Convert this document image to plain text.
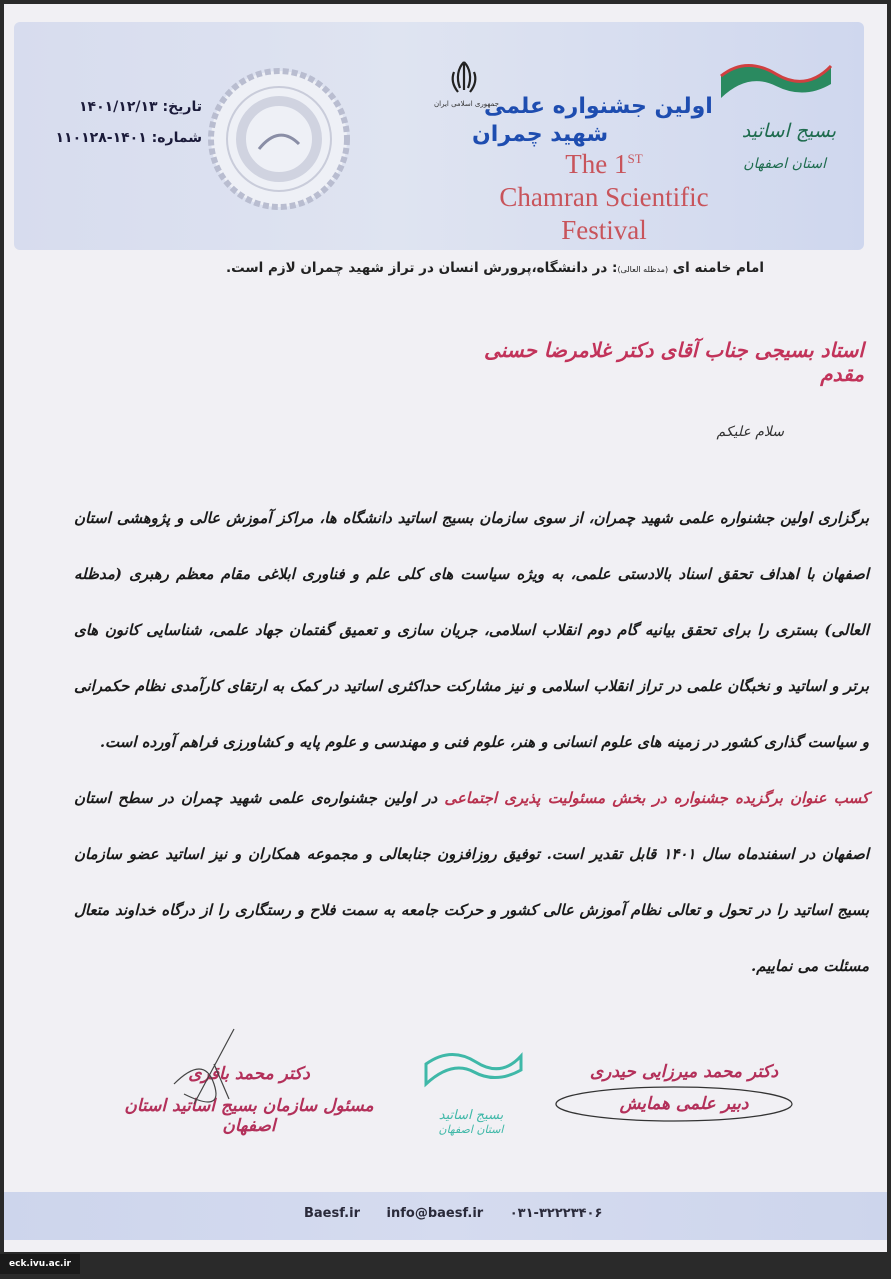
بسیج اساتید
استان اصفهان
جمهوری اسلامی ایران
اولین جشنواره علمی
شهید چمران
The 1ST
Chamran Scientific
Festival
تاریخ: ۱۴۰۱/۱۲/۱۳
شماره: ۱۴۰۱-۱۱۰۱۲۸
امام خامنه ای (مدظله العالی): در دانشگاه،پرورش انسان در تراز شهید چمران لازم است.
استاد بسیجی جناب آقای دکتر غلامرضا حسنی مقدم
سلام علیکم
برگزاری اولین جشنواره علمی شهید چمران، از سوی سازمان بسیج اساتید دانشگاه ها، مراکز آموزش عالی و پژوهشی استان اصفهان با اهداف تحقق اسناد بالادستی علمی، به ویژه سیاست های کلی علم و فناوری ابلاغی مقام معظم رهبری (مدظله العالی) بستری را برای تحقق بیانیه گام دوم انقلاب اسلامی، جریان سازی و تعمیق گفتمان جهاد علمی، شناسایی کانون های برتر و اساتید و نخبگان علمی در تراز انقلاب اسلامی و نیز مشارکت حداکثری اساتید در کمک به ارتقای کارآمدی نظام حکمرانی و سیاست گذاری کشور در زمینه های علوم انسانی و هنر، علوم فنی و مهندسی و علوم پایه و کشاورزی فراهم آورده است.
کسب عنوان برگزیده جشنواره در بخش مسئولیت پذیری اجتماعی در اولین جشنواره‌ی علمی شهید چمران در سطح استان اصفهان در اسفندماه سال ۱۴۰۱ قابل تقدیر است. توفیق روزافزون جنابعالی و مجموعه همکاران و نیز اساتید عضو سازمان بسیج اساتید را در تحول و تعالی نظام آموزش عالی کشور و حرکت جامعه به سمت فلاح و رستگاری را از درگاه خداوند متعال مسئلت می نماییم.
دکتر محمد میرزایی حیدری
دبیر علمی همایش
بسیج اساتید
استان اصفهان
دکتر محمد باقری
مسئول سازمان بسیج اساتید استان اصفهان
Baesf.ir info@baesf.ir ۰۳۱-۳۲۲۲۳۴۰۶
eck.ivu.ac.ir
